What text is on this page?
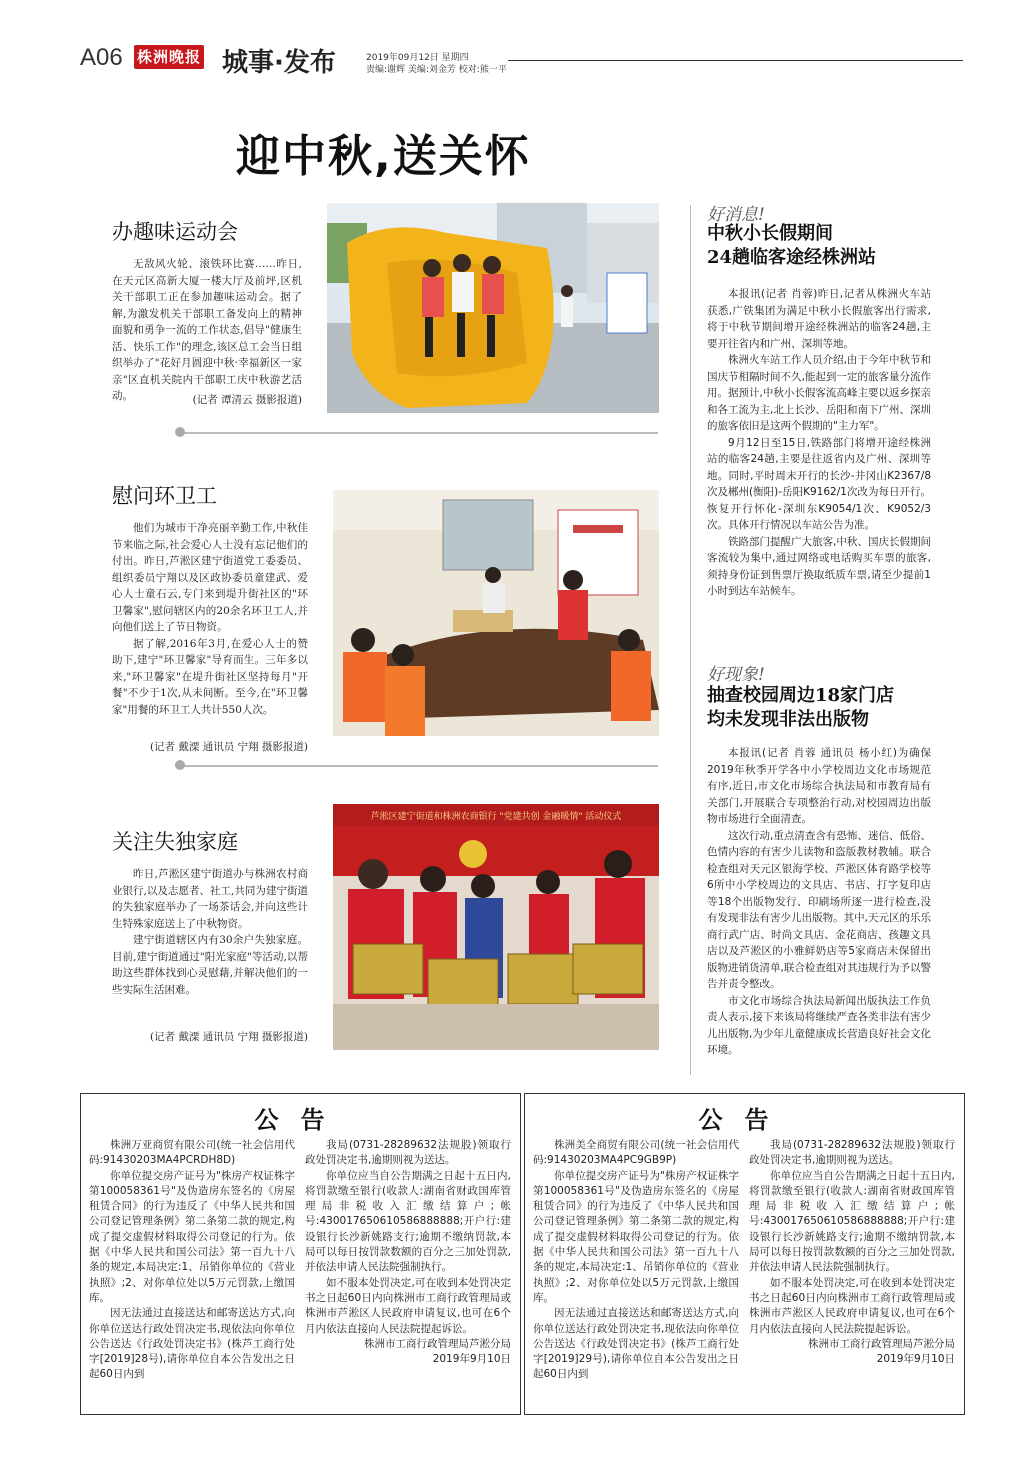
A06 株洲晚报 城事·发布	2019年09月12日 星期四
责编:谢辉 美编:刘金芳 校对:熊一平
迎中秋,送关怀
办趣味运动会

无敌风火轮、滚铁环比赛……昨日,在天元区高新大厦一楼大厅及前坪,区机关干部职工正在参加趣味运动会。据了解,为激发机关干部职工备发向上的精神面貌和勇争一流的工作状态,倡导"健康生活、快乐工作"的理念,该区总工会当日组织举办了"花好月圆迎中秋·幸福新区一家亲"区直机关院内干部职工庆中秋游艺活动。	(记者 谭清云 摄影报道)
慰问环卫工

他们为城市干净亮丽辛勤工作,中秋佳节来临之际,社会爱心人士没有忘记他们的付出。昨日,芦淞区建宁街道党工委委员、组织委员宁翔以及区政协委员童建武、爱心人士童石云,专门来到堤升街社区的"环卫馨家",慰问辖区内的20余名环卫工人,并向他们送上了节日物资。

据了解,2016年3月,在爱心人士的赞助下,建宁"环卫馨家"导育而生。三年多以来,"环卫馨家"在堤升街社区坚持每月"开餐"不少于1次,从未间断。至今,在"环卫馨家"用餐的环卫工人共计550人次。

(记者 戴溧 通讯员 宁翔 摄影报道)
关注失独家庭

昨日,芦淞区建宁街道办与株洲农村商业银行,以及志愿者、社工,共同为建宁街道的失独家庭举办了一场茶话会,并向这些计生特殊家庭送上了中秋物资。

建宁街道辖区内有30余户失独家庭。目前,建宁街道通过"阳光家庭"等活动,以帮助这些群体找到心灵慰藉,并解决他们的一些实际生活困难。

(记者 戴溧 通讯员 宁翔 摄影报道)
芦淞区建宁街道和株洲农商银行 "党建共创 金融暖情" 活动仪式
好消息!
中秋小长假期间
24趟临客途经株洲站

本报讯(记者 肖蓉)昨日,记者从株洲火车站获悉,广铁集团为满足中秋小长假旅客出行需求,将于中秋节期间增开途经株洲站的临客24趟,主要开往省内和广州、深圳等地。

株洲火车站工作人员介绍,由于今年中秋节和国庆节相隔时间不久,能起到一定的旅客量分流作用。据预计,中秋小长假客流高峰主要以返乡探亲和各工流为主,北上长沙、岳阳和南下广州、深圳的旅客依旧是这两个假期的"主力军"。

9月12日至15日,铁路部门将增开途经株洲站的临客24趟,主要是往返省内及广州、深圳等地。同时,平时周末开行的长沙-井冈山K2367/8次及郴州(衡阳)-岳阳K9162/1次改为每日开行。恢复开行怀化-深圳东K9054/1次、K9052/3次。具体开行情况以车站公告为准。

铁路部门提醒广大旅客,中秋、国庆长假期间客流较为集中,通过网络或电话购买车票的旅客,须持身份证到售票厅换取纸质车票,请至少提前1小时到达车站候车。

好现象!
抽查校园周边18家门店
均未发现非法出版物

本报讯(记者 肖蓉 通讯员 杨小红)为确保2019年秋季开学各中小学校周边文化市场规范有序,近日,市文化市场综合执法局和市教育局有关部门,开展联合专项整治行动,对校园周边出版物市场进行全面清查。

这次行动,重点清查含有恐怖、迷信、低俗、色情内容的有害少儿读物和盗版教材教辅。联合检查组对天元区银海学校、芦淞区体育路学校等6所中小学校周边的文具店、书店、打字复印店等18个出版物发行、印刷场所逐一进行检查,没有发现非法有害少儿出版物。其中,天元区的乐乐商行武广店、时尚文具店、金花商店、孩趣文具店以及芦淞区的小雅鲜奶店等5家商店未保留出版物进销货清单,联合检查组对其违规行为予以警告并责令整改。

市文化市场综合执法局新闻出版执法工作负责人表示,接下来该局将继续严查各类非法有害少儿出版物,为少年儿童健康成长营造良好社会文化环境。

公告

株洲万亚商贸有限公司(统一社会信用代码:91430203MA4PCRDH8D)

你单位提交房产证号为"株房产权证株字第100058361号"及伪造房东签名的《房屋租赁合同》的行为违反了《中华人民共和国公司登记管理条例》第二条第二款的规定,构成了提交虚假材料取得公司登记的行为。依据《中华人民共和国公司法》第一百九十八条的规定,本局决定:1、吊销你单位的《营业执照》;2、对你单位处以5万元罚款,上缴国库。

因无法通过直接送达和邮寄送达方式,向你单位送达行政处罚决定书,现依法向你单位公告送达《行政处罚决定书》(株芦工商行处字[2019]28号),请你单位自本公告发出之日起60日内到

我局(0731-28289632法规股)领取行政处罚决定书,逾期则视为送达。

你单位应当自公告期满之日起十五日内,将罚款缴至银行(收款人:湖南省财政国库管理局非税收入汇缴结算户;帐号:430017650610586888888;开户行:建设银行长沙新姚路支行;逾期不缴纳罚款,本局可以每日按罚款数额的百分之三加处罚款,并依法申请人民法院强制执行。

如不服本处罚决定,可在收到本处罚决定书之日起60日内向株洲市工商行政管理局或株洲市芦淞区人民政府申请复议,也可在6个月内依法直接向人民法院提起诉讼。

株洲市工商行政管理局芦淞分局

2019年9月10日

公告

株洲美全商贸有限公司(统一社会信用代码:91430203MA4PC9GB9P)

你单位提交房产证号为"株房产权证株字第100058361号"及伪造房东签名的《房屋租赁合同》的行为违反了《中华人民共和国公司登记管理条例》第二条第二款的规定,构成了提交虚假材料取得公司登记的行为。依据《中华人民共和国公司法》第一百九十八条的规定,本局决定:1、吊销你单位的《营业执照》;2、对你单位处以5万元罚款,上缴国库。

因无法通过直接送达和邮寄送达方式,向你单位送达行政处罚决定书,现依法向你单位公告送达《行政处罚决定书》(株芦工商行处字[2019]29号),请你单位自本公告发出之日起60日内到

我局(0731-28289632法规股)领取行政处罚决定书,逾期则视为送达。

你单位应当自公告期满之日起十五日内,将罚款缴至银行(收款人:湖南省财政国库管理局非税收入汇缴结算户;帐号:430017650610586888888;开户行:建设银行长沙新姚路支行;逾期不缴纳罚款,本局可以每日按罚款数额的百分之三加处罚款,并依法申请人民法院强制执行。

如不服本处罚决定,可在收到本处罚决定书之日起60日内向株洲市工商行政管理局或株洲市芦淞区人民政府申请复议,也可在6个月内依法直接向人民法院提起诉讼。

株洲市工商行政管理局芦淞分局

2019年9月10日
